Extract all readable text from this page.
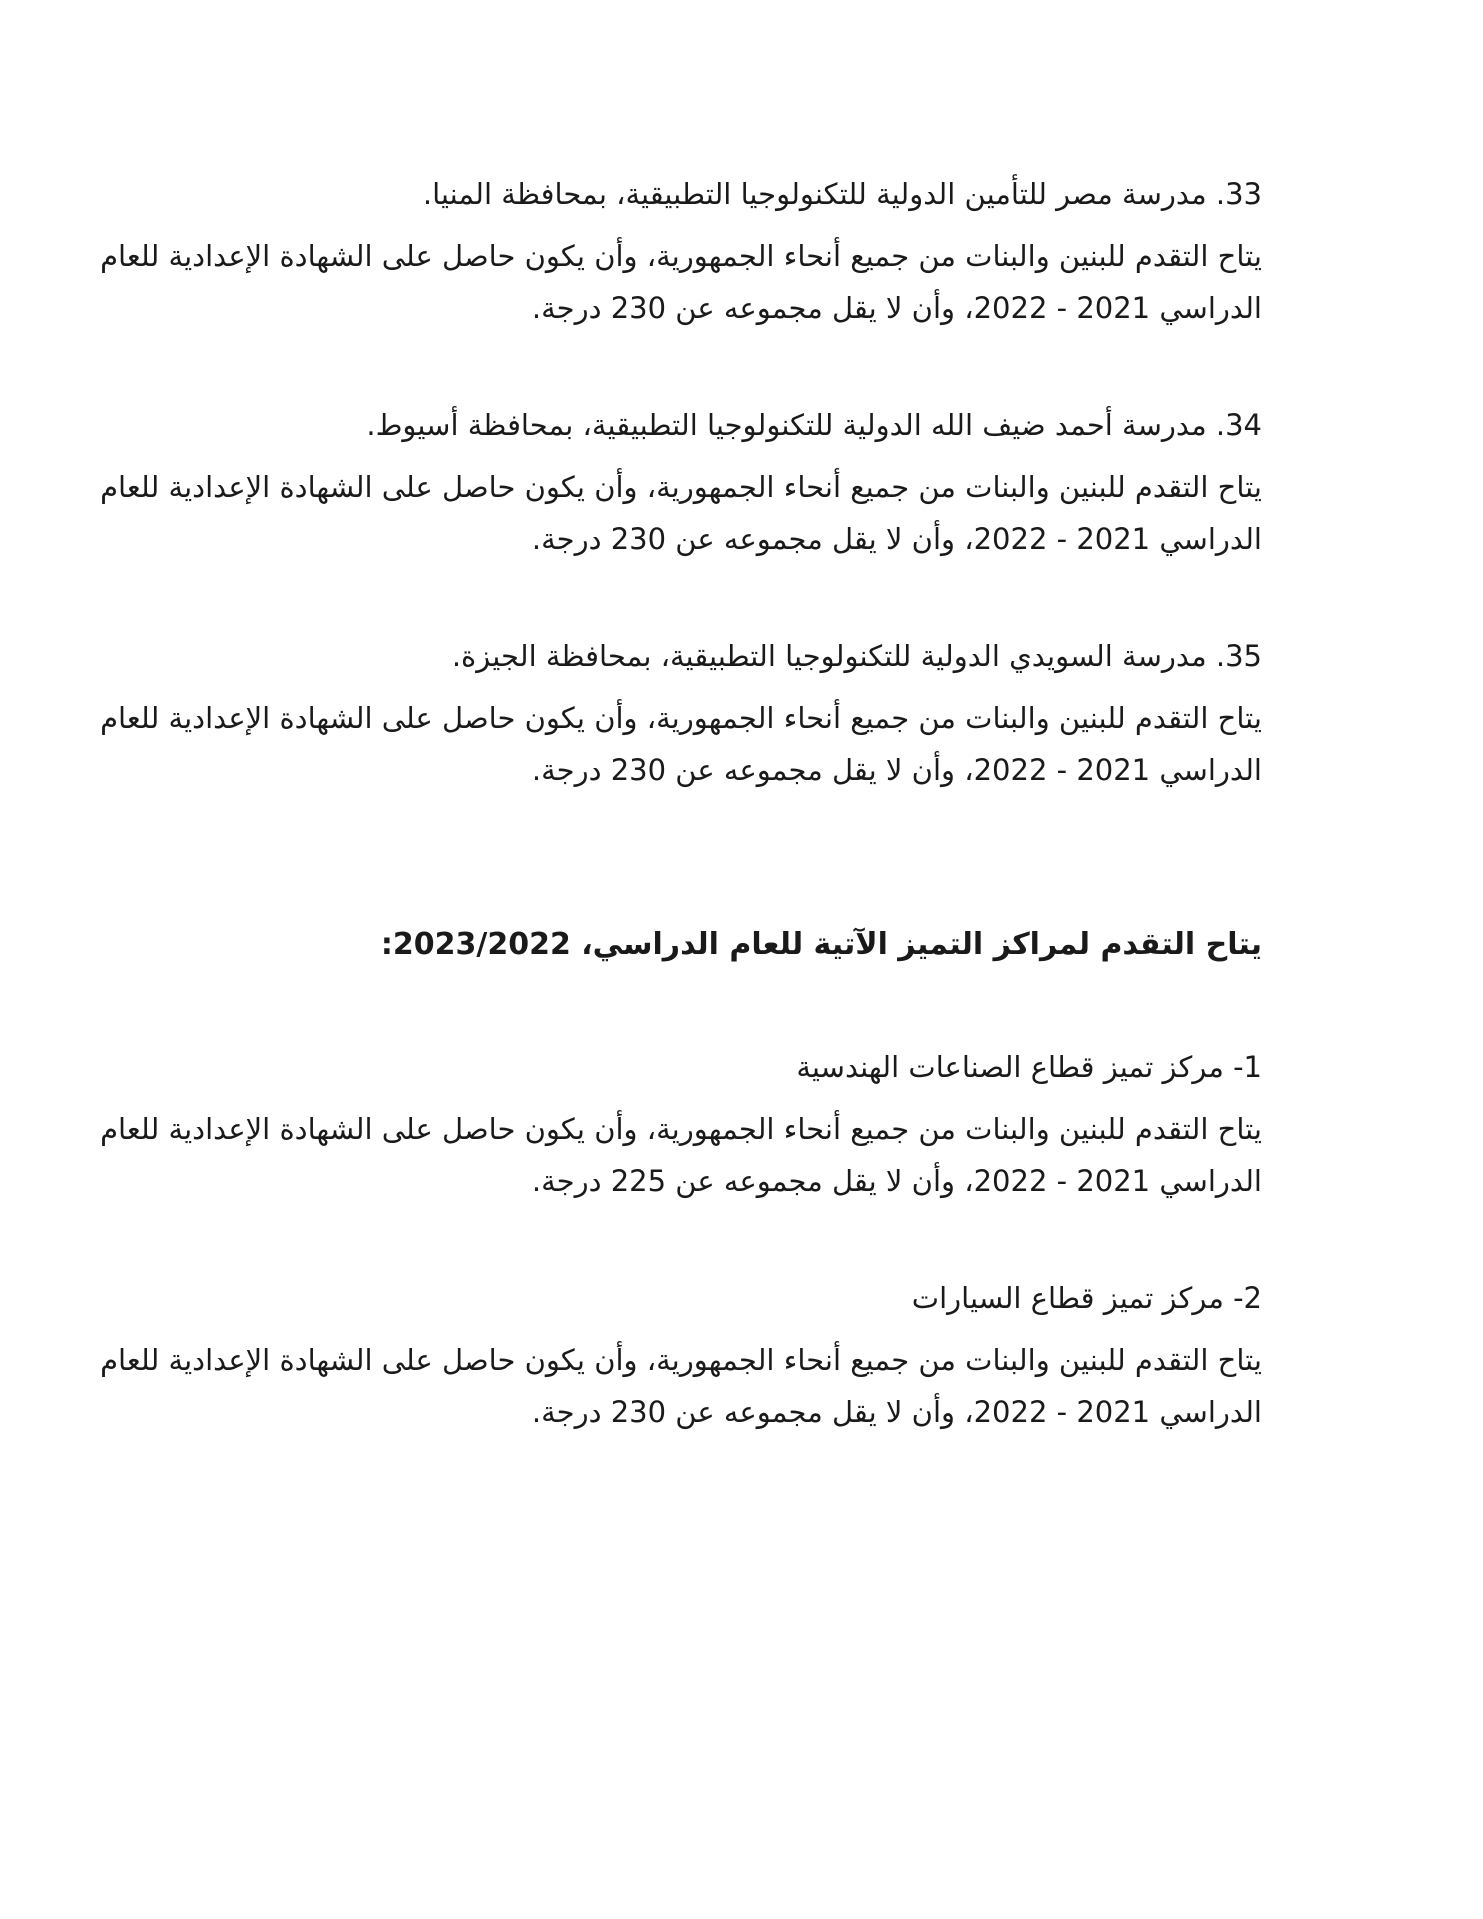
33. مدرسة مصر للتأمين الدولية للتكنولوجيا التطبيقية، بمحافظة المنيا.
يتاح التقدم للبنين والبنات من جميع أنحاء الجمهورية، وأن يكون حاصل على الشهادة الإعدادية للعام
الدراسي 2021 - 2022، وأن لا يقل مجموعه عن 230 درجة.
34. مدرسة أحمد ضيف الله الدولية للتكنولوجيا التطبيقية، بمحافظة أسيوط.
يتاح التقدم للبنين والبنات من جميع أنحاء الجمهورية، وأن يكون حاصل على الشهادة الإعدادية للعام
الدراسي 2021 - 2022، وأن لا يقل مجموعه عن 230 درجة.
35. مدرسة السويدي الدولية للتكنولوجيا التطبيقية، بمحافظة الجيزة.
يتاح التقدم للبنين والبنات من جميع أنحاء الجمهورية، وأن يكون حاصل على الشهادة الإعدادية للعام
الدراسي 2021 - 2022، وأن لا يقل مجموعه عن 230 درجة.
يتاح التقدم لمراكز التميز الآتية للعام الدراسي، 2023/2022:
1- مركز تميز قطاع الصناعات الهندسية
يتاح التقدم للبنين والبنات من جميع أنحاء الجمهورية، وأن يكون حاصل على الشهادة الإعدادية للعام
الدراسي 2021 - 2022، وأن لا يقل مجموعه عن 225 درجة.
2- مركز تميز قطاع السيارات
يتاح التقدم للبنين والبنات من جميع أنحاء الجمهورية، وأن يكون حاصل على الشهادة الإعدادية للعام
الدراسي 2021 - 2022، وأن لا يقل مجموعه عن 230 درجة.
